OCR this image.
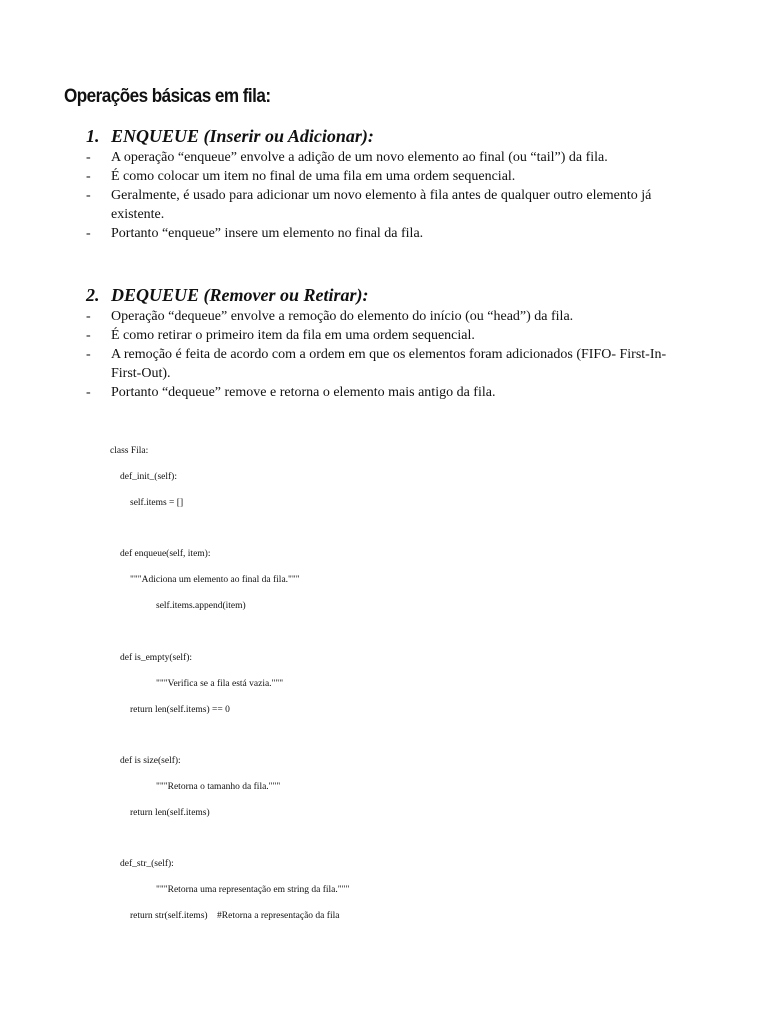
Operações básicas em fila:
1. ENQUEUE (Inserir ou Adicionar):
- A operação “enqueue” envolve a adição de um novo elemento ao final (ou “tail”) da fila.
- É como colocar um item no final de uma fila em uma ordem sequencial.
- Geralmente, é usado para adicionar um novo elemento à fila antes de qualquer outro elemento já existente.
- Portanto “enqueue” insere um elemento no final da fila.
2. DEQUEUE (Remover ou Retirar):
- Operação “dequeue” envolve a remoção do elemento do início (ou “head”) da fila.
- É como retirar o primeiro item da fila em uma ordem sequencial.
- A remoção é feita de acordo com a ordem em que os elementos foram adicionados (FIFO- First-In-First-Out).
- Portanto “dequeue” remove e retorna o elemento mais antigo da fila.
class Fila:
def_init_(self):
self.items = []
def enqueue(self, item):
"""Adiciona um elemento ao final da fila."""
self.items.append(item)
def is_empty(self):
"""Verifica se a fila está vazia."""
return len(self.items) == 0
def is size(self):
"""Retorna o tamanho da fila."""
return len(self.items)
def_str_(self):
"""Retorna uma representação em string da fila."""
return str(self.items)    #Retorna a representação da fila
